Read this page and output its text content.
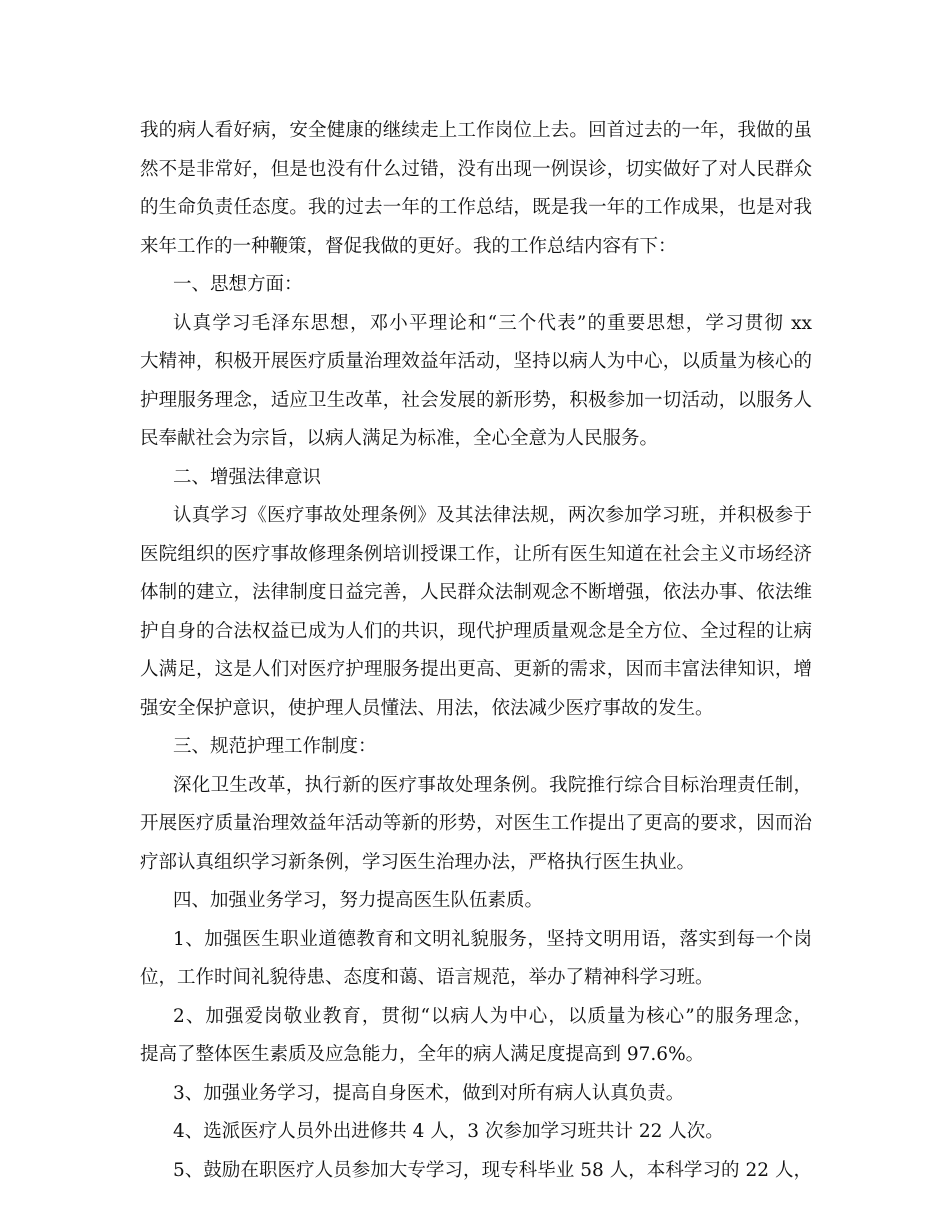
我的病人看好病，安全健康的继续走上工作岗位上去。回首过去的一年，我做的虽
然不是非常好，但是也没有什么过错，没有出现一例误诊，切实做好了对人民群众
的生命负责任态度。我的过去一年的工作总结，既是我一年的工作成果，也是对我
来年工作的一种鞭策，督促我做的更好。我的工作总结内容有下：
一、思想方面：
认真学习毛泽东思想，邓小平理论和“三个代表”的重要思想，学习贯彻 xx
大精神，积极开展医疗质量治理效益年活动，坚持以病人为中心，以质量为核心的
护理服务理念，适应卫生改革，社会发展的新形势，积极参加一切活动，以服务人
民奉献社会为宗旨，以病人满足为标准，全心全意为人民服务。
二、增强法律意识
认真学习《医疗事故处理条例》及其法律法规，两次参加学习班，并积极参于
医院组织的医疗事故修理条例培训授课工作，让所有医生知道在社会主义市场经济
体制的建立，法律制度日益完善，人民群众法制观念不断增强，依法办事、依法维
护自身的合法权益已成为人们的共识，现代护理质量观念是全方位、全过程的让病
人满足，这是人们对医疗护理服务提出更高、更新的需求，因而丰富法律知识，增
强安全保护意识，使护理人员懂法、用法，依法减少医疗事故的发生。
三、规范护理工作制度：
深化卫生改革，执行新的医疗事故处理条例。我院推行综合目标治理责任制，
开展医疗质量治理效益年活动等新的形势，对医生工作提出了更高的要求，因而治
疗部认真组织学习新条例，学习医生治理办法，严格执行医生执业。
四、加强业务学习，努力提高医生队伍素质。
1、加强医生职业道德教育和文明礼貌服务，坚持文明用语，落实到每一个岗
位，工作时间礼貌待患、态度和蔼、语言规范，举办了精神科学习班。
2、加强爱岗敬业教育，贯彻“以病人为中心，以质量为核心”的服务理念，
提高了整体医生素质及应急能力，全年的病人满足度提高到 97.6%。
3、加强业务学习，提高自身医术，做到对所有病人认真负责。
4、选派医疗人员外出进修共 4 人，3 次参加学习班共计 22 人次。
5、鼓励在职医疗人员参加大专学习，现专科毕业 58 人，本科学习的 22 人，
